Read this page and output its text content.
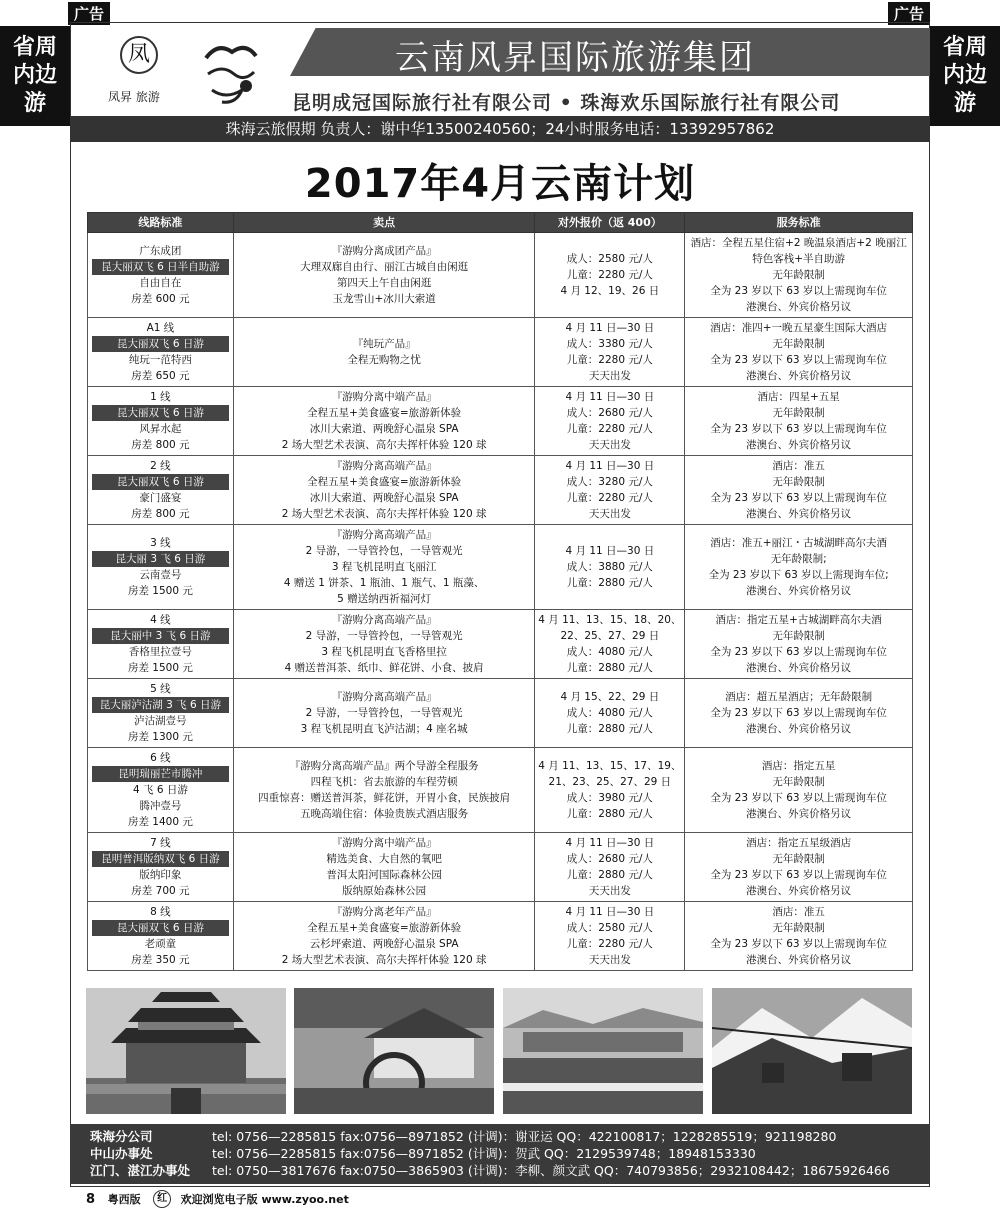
广告	广告
省周
内边
游
省周
内边
游
凤
凤昇 旅游
云南风昇国际旅游集团
昆明成冠国际旅行社有限公司 • 珠海欢乐国际旅行社有限公司
珠海云旅假期 负责人：谢中华13500240560；24小时服务电话：13392957862
2017年4月云南计划
线路标准	卖点	对外报价（返 400）	服务标准

广东成团
昆大丽双飞 6 日半自助游
自由自在
房差 600 元	『游购分离成团产品』
大理双廊自由行、丽江古城自由闲逛
第四天上午自由闲逛
玉龙雪山+冰川大索道	成人：2580 元/人
儿童：2280 元/人
4 月 12、19、26 日	酒店：全程五星住宿+2 晚温泉酒店+2 晚丽江特色客栈+半自助游
无年龄限制
全为 23 岁以下 63 岁以上需现询车位
港澳台、外宾价格另议

A1 线
昆大丽双飞 6 日游
纯玩一范特西
房差 650 元	『纯玩产品』
全程无购物之忧	4 月 11 日—30 日
成人：3380 元/人
儿童：2280 元/人
天天出发	酒店：准四+一晚五星豪生国际大酒店
无年龄限制
全为 23 岁以下 63 岁以上需现询车位
港澳台、外宾价格另议

1 线
昆大丽双飞 6 日游
风昇水起
房差 800 元	『游购分离中端产品』
全程五星+美食盛宴=旅游新体验
冰川大索道、两晚舒心温泉 SPA
2 场大型艺术表演、高尔夫挥杆体验 120 球	4 月 11 日—30 日
成人：2680 元/人
儿童：2280 元/人
天天出发	酒店：四星+五星
无年龄限制
全为 23 岁以下 63 岁以上需现询车位
港澳台、外宾价格另议

2 线
昆大丽双飞 6 日游
豪门盛宴
房差 800 元	『游购分离高端产品』
全程五星+美食盛宴=旅游新体验
冰川大索道、两晚舒心温泉 SPA
2 场大型艺术表演、高尔夫挥杆体验 120 球	4 月 11 日—30 日
成人：3280 元/人
儿童：2280 元/人
天天出发	酒店：准五
无年龄限制
全为 23 岁以下 63 岁以上需现询车位
港澳台、外宾价格另议

3 线
昆大丽 3 飞 6 日游
云南壹号
房差 1500 元	『游购分离高端产品』
2 导游，一导管拎包，一导管观光
3 程飞机昆明直飞丽江
4 赠送 1 饼茶、1 瓶油、1 瓶气、1 瓶藻、
5 赠送纳西祈福河灯	4 月 11 日—30 日
成人：3880 元/人
儿童：2880 元/人	酒店：准五+丽江・古城湖畔高尔夫酒
无年龄限制;
全为 23 岁以下 63 岁以上需现询车位;
港澳台、外宾价格另议

4 线
昆大丽中 3 飞 6 日游
香格里拉壹号
房差 1500 元	『游购分离高端产品』
2 导游，一导管拎包，一导管观光
3 程飞机昆明直飞香格里拉
4 赠送普洱茶、纸巾、鲜花饼、小食、披肩	4 月 11、13、15、18、20、
22、25、27、29 日
成人：4080 元/人
儿童：2880 元/人	酒店：指定五星+古城湖畔高尔夫酒
无年龄限制
全为 23 岁以下 63 岁以上需现询车位
港澳台、外宾价格另议

5 线
昆大丽泸沽湖 3 飞 6 日游
泸沽湖壹号
房差 1300 元	『游购分离高端产品』
2 导游，一导管拎包，一导管观光
3 程飞机昆明直飞泸沽湖；4 座名城	4 月 15、22、29 日
成人：4080 元/人
儿童：2880 元/人	酒店：超五星酒店；无年龄限制
全为 23 岁以下 63 岁以上需现询车位
港澳台、外宾价格另议

6 线
昆明瑞丽芒市腾冲
4 飞 6 日游
腾冲壹号
房差 1400 元	『游购分离高端产品』两个导游全程服务
四程飞机：省去旅游的车程劳顿
四重惊喜：赠送普洱茶，鲜花饼，开胃小食，民族披肩
五晚高端住宿：体验贵族式酒店服务	4 月 11、13、15、17、19、
21、23、25、27、29 日
成人：3980 元/人
儿童：2880 元/人	酒店：指定五星
无年龄限制
全为 23 岁以下 63 岁以上需现询车位
港澳台、外宾价格另议

7 线
昆明普洱版纳双飞 6 日游
版纳印象
房差 700 元	『游购分离中端产品』
精选美食、大自然的氧吧
普洱太阳河国际森林公园
版纳原始森林公园	4 月 11 日—30 日
成人：2680 元/人
儿童：2880 元/人
天天出发	酒店：指定五星级酒店
无年龄限制
全为 23 岁以下 63 岁以上需现询车位
港澳台、外宾价格另议

8 线
昆大丽双飞 6 日游
老顽童
房差 350 元	『游购分离老年产品』
全程五星+美食盛宴=旅游新体验
云杉坪索道、两晚舒心温泉 SPA
2 场大型艺术表演、高尔夫挥杆体验 120 球	4 月 11 日—30 日
成人：2580 元/人
儿童：2280 元/人
天天出发	酒店：准五
无年龄限制
全为 23 岁以下 63 岁以上需现询车位
港澳台、外宾价格另议
珠海分公司	tel: 0756—2285815 fax:0756—8971852 (计调)：谢亚运 QQ：422100817；1228285519；921198280
中山办事处	tel: 0756—2285815 fax:0756—8971852 (计调)：贺武 QQ：2129539748；18948153330
江门、湛江办事处 tel: 0750—3817676 fax:0750—3865903 (计调)：李柳、颜文武 QQ：740793856；2932108442；18675926466
8 粤西版 红 欢迎浏览电子版 www.zyoo.net
